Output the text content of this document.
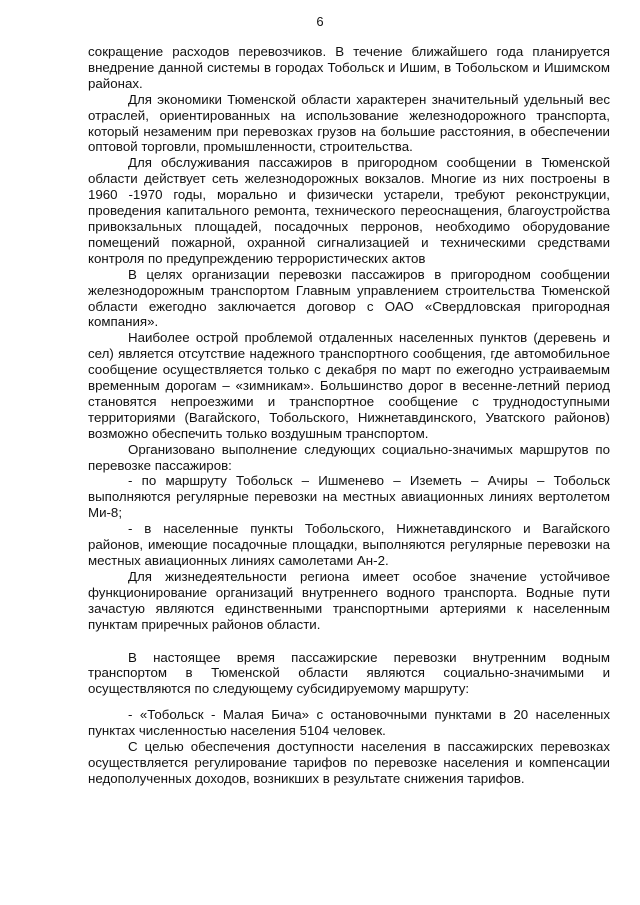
6

сокращение расходов перевозчиков. В течение ближайшего года планируется внедрение данной системы в городах Тобольск и Ишим, в Тобольском и Ишимском районах.

Для экономики Тюменской области характерен значительный удельный вес отраслей, ориентированных на использование железнодорожного транспорта, который незаменим при перевозках грузов на большие расстояния, в обеспечении оптовой торговли, промышленности, строительства.

Для обслуживания пассажиров в пригородном сообщении в Тюменской области действует сеть железнодорожных вокзалов. Многие из них построены в 1960 -1970 годы, морально и физически устарели, требуют реконструкции, проведения капитального ремонта, технического переоснащения, благоустройства привокзальных площадей, посадочных перронов, необходимо оборудование помещений пожарной, охранной сигнализацией и техническими средствами контроля по предупреждению террористических актов

В целях организации перевозки пассажиров в пригородном сообщении железнодорожным транспортом Главным управлением строительства Тюменской области ежегодно заключается договор с ОАО «Свердловская пригородная компания».

Наиболее острой проблемой отдаленных населенных пунктов (деревень и сел) является отсутствие надежного транспортного сообщения, где автомобильное сообщение осуществляется только с декабря по март по ежегодно устраиваемым временным дорогам – «зимникам». Большинство дорог в весенне-летний период становятся непроезжими и транспортное сообщение с труднодоступными территориями (Вагайского, Тобольского, Нижнетавдинского, Уватского районов) возможно обеспечить только воздушным транспортом.

Организовано выполнение следующих социально-значимых маршрутов по перевозке пассажиров:

- по маршруту Тобольск – Ишменево – Иземеть – Ачиры – Тобольск выполняются регулярные перевозки на местных авиационных линиях вертолетом Ми-8;

- в населенные пункты Тобольского, Нижнетавдинского и Вагайского районов, имеющие посадочные площадки, выполняются регулярные перевозки на местных авиационных линиях самолетами Ан-2.

Для жизнедеятельности региона имеет особое значение устойчивое функционирование организаций внутреннего водного транспорта. Водные пути зачастую являются единственными транспортными артериями к населенным пунктам приречных районов области.

В настоящее время пассажирские перевозки внутренним водным транспортом в Тюменской области являются социально-значимыми и осуществляются по следующему субсидируемому маршруту:

- «Тобольск - Малая Бича» с остановочными пунктами в 20 населенных пунктах численностью населения 5104 человек.

С целью обеспечения доступности населения в пассажирских перевозках осуществляется регулирование тарифов по перевозке населения и компенсации недополученных доходов, возникших в результате снижения тарифов.
